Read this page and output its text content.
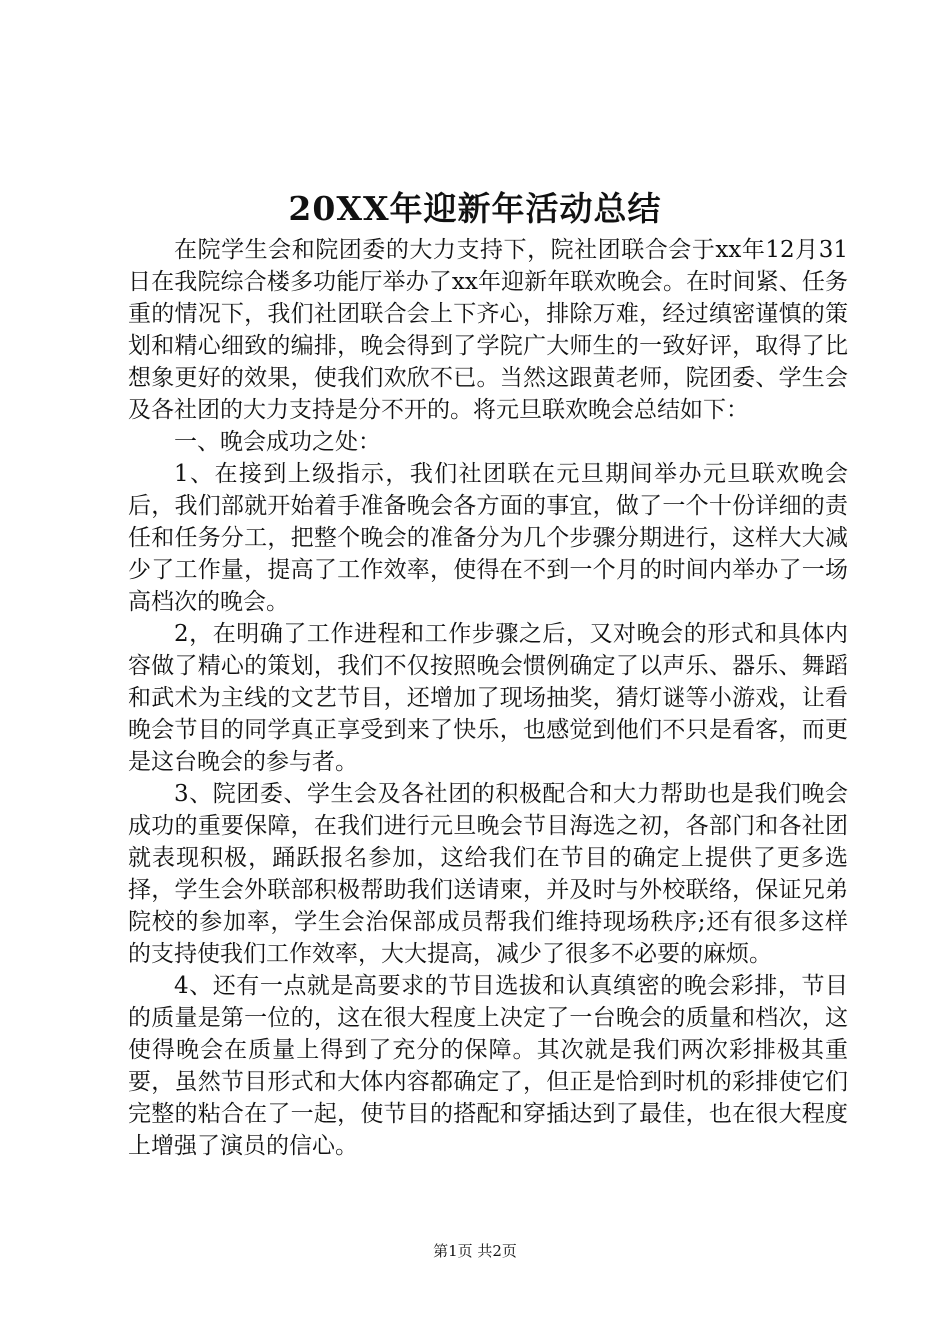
20XX年迎新年活动总结

在院学生会和院团委的大力支持下，院社团联合会于xx年12月31日在我院综合楼多功能厅举办了xx年迎新年联欢晚会。在时间紧、任务重的情况下，我们社团联合会上下齐心，排除万难，经过缜密谨慎的策划和精心细致的编排，晚会得到了学院广大师生的一致好评，取得了比想象更好的效果，使我们欢欣不已。当然这跟黄老师，院团委、学生会及各社团的大力支持是分不开的。将元旦联欢晚会总结如下：

一、晚会成功之处：

1、在接到上级指示，我们社团联在元旦期间举办元旦联欢晚会后，我们部就开始着手准备晚会各方面的事宜，做了一个十份详细的责任和任务分工，把整个晚会的准备分为几个步骤分期进行，这样大大减少了工作量，提高了工作效率，使得在不到一个月的时间内举办了一场高档次的晚会。

2，在明确了工作进程和工作步骤之后，又对晚会的形式和具体内容做了精心的策划，我们不仅按照晚会惯例确定了以声乐、器乐、舞蹈和武术为主线的文艺节目，还增加了现场抽奖，猜灯谜等小游戏，让看晚会节目的同学真正享受到来了快乐，也感觉到他们不只是看客，而更是这台晚会的参与者。

3、院团委、学生会及各社团的积极配合和大力帮助也是我们晚会成功的重要保障，在我们进行元旦晚会节目海选之初，各部门和各社团就表现积极，踊跃报名参加，这给我们在节目的确定上提供了更多选择，学生会外联部积极帮助我们送请柬，并及时与外校联络，保证兄弟院校的参加率，学生会治保部成员帮我们维持现场秩序;还有很多这样的支持使我们工作效率，大大提高，减少了很多不必要的麻烦。

4、还有一点就是高要求的节目选拔和认真缜密的晚会彩排，节目的质量是第一位的，这在很大程度上决定了一台晚会的质量和档次，这使得晚会在质量上得到了充分的保障。其次就是我们两次彩排极其重要，虽然节目形式和大体内容都确定了，但正是恰到时机的彩排使它们完整的粘合在了一起，使节目的搭配和穿插达到了最佳，也在很大程度上增强了演员的信心。

第1页 共2页
